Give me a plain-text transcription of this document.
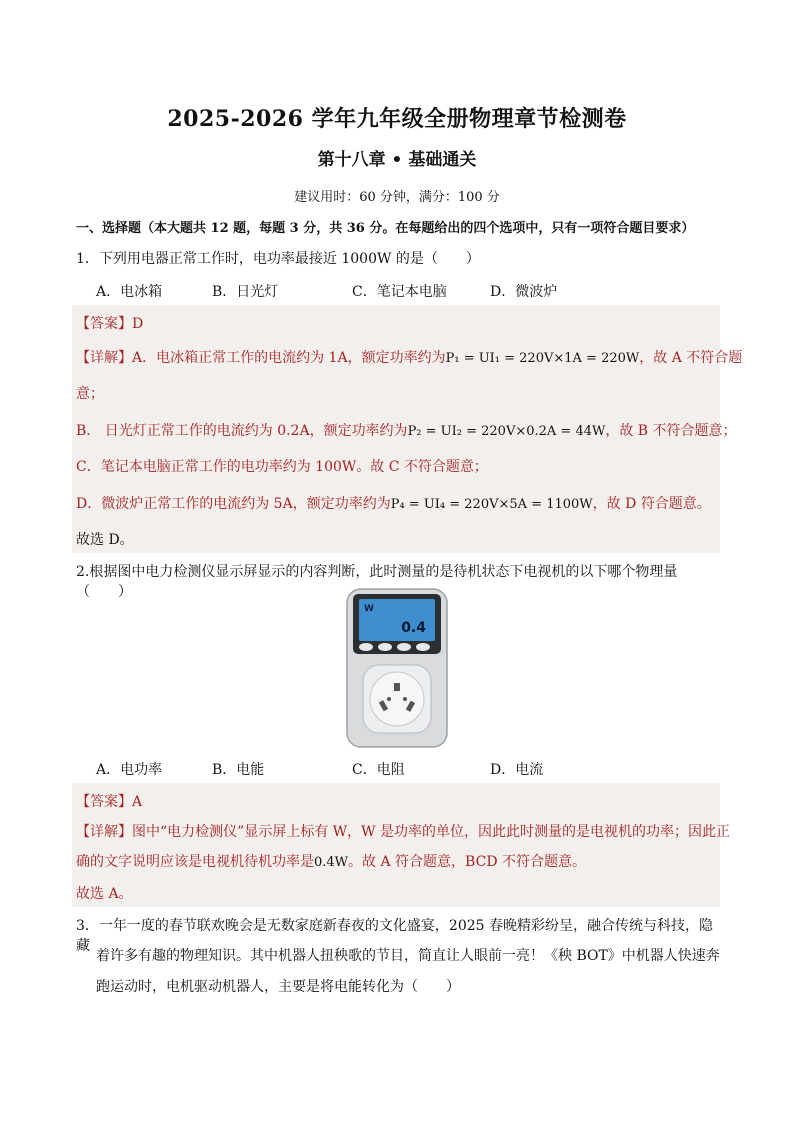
2025-2026 学年九年级全册物理章节检测卷
第十八章 • 基础通关
建议用时：60 分钟，满分：100 分
一、选择题（本大题共 12 题，每题 3 分，共 36 分。在每题给出的四个选项中，只有一项符合题目要求）
1．下列用电器正常工作时，电功率最接近 1000W 的是（　　）
A．电冰箱	B．日光灯	C．笔记本电脑	D．微波炉
【答案】D
【详解】A．电冰箱正常工作的电流约为 1A，额定功率约为P₁ = UI₁ = 220V×1A = 220W，故 A 不符合题
意；
B． 日光灯正常工作的电流约为 0.2A，额定功率约为P₂ = UI₂ = 220V×0.2A = 44W，故 B 不符合题意；
C．笔记本电脑正常工作的电功率约为 100W。故 C 不符合题意；
D．微波炉正常工作的电流约为 5A，额定功率约为P₄ = UI₄ = 220V×5A = 1100W，故 D 符合题意。
故选 D。
2.根据图中电力检测仪显示屏显示的内容判断，此时测量的是待机状态下电视机的以下哪个物理量（　　）
W
0.4
A．电功率	B．电能	C．电阻	D．电流
【答案】A
【详解】图中“电力检测仪”显示屏上标有 W，W 是功率的单位，因此此时测量的是电视机的功率；因此正
确的文字说明应该是电视机待机功率是0.4W。故 A 符合题意，BCD 不符合题意。
故选 A。
3．一年一度的春节联欢晚会是无数家庭新春夜的文化盛宴，2025 春晚精彩纷呈，融合传统与科技，隐藏
着许多有趣的物理知识。其中机器人扭秧歌的节目，简直让人眼前一亮！《秧 BOT》中机器人快速奔
跑运动时，电机驱动机器人，主要是将电能转化为（　　）
